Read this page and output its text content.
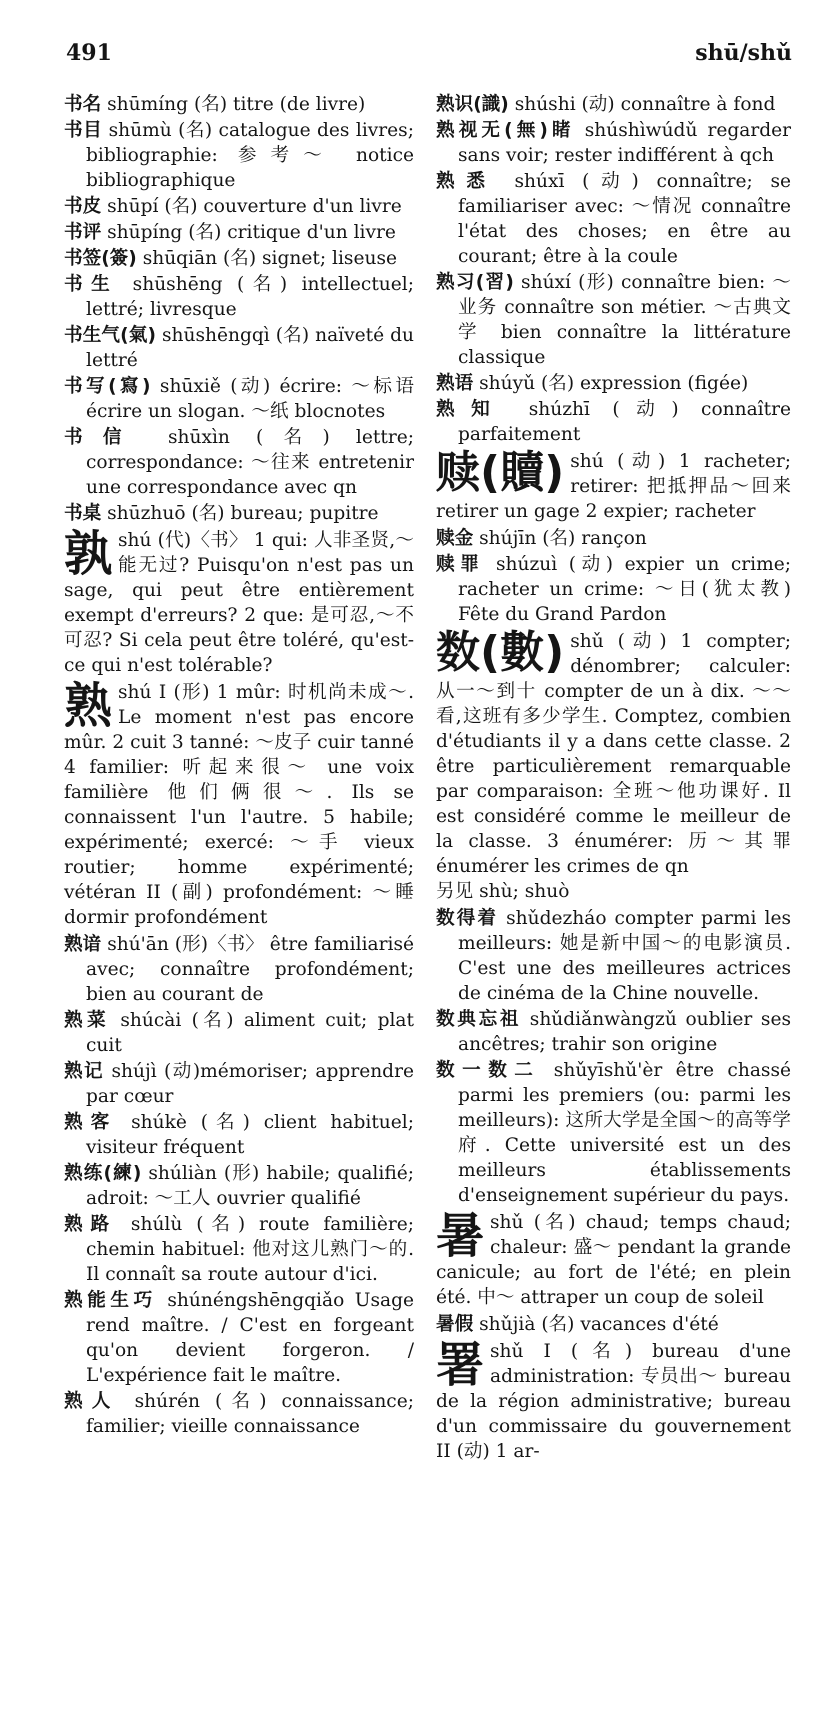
491	shū/shǔ
书名 shūmíng (名) titre (de livre)
书目 shūmù (名) catalogue des livres; bibliographie: 参考～ notice bibliographique
书皮 shūpí (名) couverture d'un livre
书评 shūpíng (名) critique d'un livre
书签(簽) shūqiān (名) signet; liseuse
书生 shūshēng (名) intellectuel; lettré; livresque
书生气(氣) shūshēngqì (名) naïveté du lettré
书写(寫) shūxiě (动) écrire: ～标语 écrire un slogan. ～纸 blocnotes
书信 shūxìn (名) lettre; correspondance: ～往来 entretenir une correspondance avec qn
书桌 shūzhuō (名) bureau; pupitre
孰shú (代)〈书〉 1 qui: 人非圣贤,～能无过? Puisqu'on n'est pas un sage, qui peut être entièrement exempt d'erreurs? 2 que: 是可忍,～不可忍? Si cela peut être toléré, qu'est-ce qui n'est tolérable?
熟shú I (形) 1 mûr: 时机尚未成～. Le moment n'est pas encore mûr. 2 cuit 3 tanné: ～皮子 cuir tanné 4 familier: 听起来很～ une voix familière 他们俩很～. Ils se connaissent l'un l'autre. 5 habile; expérimenté; exercé: ～手 vieux routier; homme expérimenté; vétéran II (副) profondément: ～睡 dormir profondément
熟谙 shú'ān (形)〈书〉 être familiarisé avec; connaître profondément; bien au courant de
熟菜 shúcài (名) aliment cuit; plat cuit
熟记 shújì (动)mémoriser; apprendre par cœur
熟客 shúkè (名) client habituel; visiteur fréquent
熟练(練) shúliàn (形) habile; qualifié; adroit: ～工人 ouvrier qualifié
熟路 shúlù (名) route familière; chemin habituel: 他对这儿熟门～的. Il connaît sa route autour d'ici.
熟能生巧 shúnéngshēngqiǎo Usage rend maître. / C'est en forgeant qu'on devient forgeron. / L'expérience fait le maître.
熟人 shúrén (名) connaissance; familier; vieille connaissance
熟识(識) shúshi (动) connaître à fond
熟视无(無)睹 shúshìwúdǔ regarder sans voir; rester indifférent à qch
熟悉 shúxī (动) connaître; se familiariser avec: ～情况 connaître l'état des choses; en être au courant; être à la coule
熟习(習) shúxí (形) connaître bien: ～业务 connaître son métier. ～古典文学 bien connaître la littérature classique
熟语 shúyǔ (名) expression (figée)
熟知 shúzhī (动) connaître parfaitement
赎(贖) shú (动) 1 racheter; retirer: 把抵押品～回来 retirer un gage 2 expier; racheter
赎金 shújīn (名) rançon
赎罪 shúzuì (动) expier un crime; racheter un crime: ～日(犹太教) Fête du Grand Pardon
数(數) shǔ (动) 1 compter; dénombrer; calculer: 从一～到十 compter de un à dix. ～～看,这班有多少学生. Comptez, combien d'étudiants il y a dans cette classe. 2 être particulièrement remarquable par comparaison: 全班～他功课好. Il est considéré comme le meilleur de la classe. 3 énumérer: 历～其罪 énumérer les crimes de qn
另见 shù; shuò
数得着 shǔdezháo compter parmi les meilleurs: 她是新中国～的电影演员. C'est une des meilleures actrices de cinéma de la Chine nouvelle.
数典忘祖 shǔdiǎnwàngzǔ oublier ses ancêtres; trahir son origine
数一数二 shǔyīshǔ'èr être chassé parmi les premiers (ou: parmi les meilleurs): 这所大学是全国～的高等学府. Cette université est un des meilleurs établissements d'enseignement supérieur du pays.
暑shǔ (名) chaud; temps chaud; chaleur: 盛～ pendant la grande canicule; au fort de l'été; en plein été. 中～ attraper un coup de soleil
暑假 shǔjià (名) vacances d'été
署shǔ I (名) bureau d'une administration: 专员出～ bureau de la région administrative; bureau d'un commissaire du gouvernement II (动) 1 ar-
